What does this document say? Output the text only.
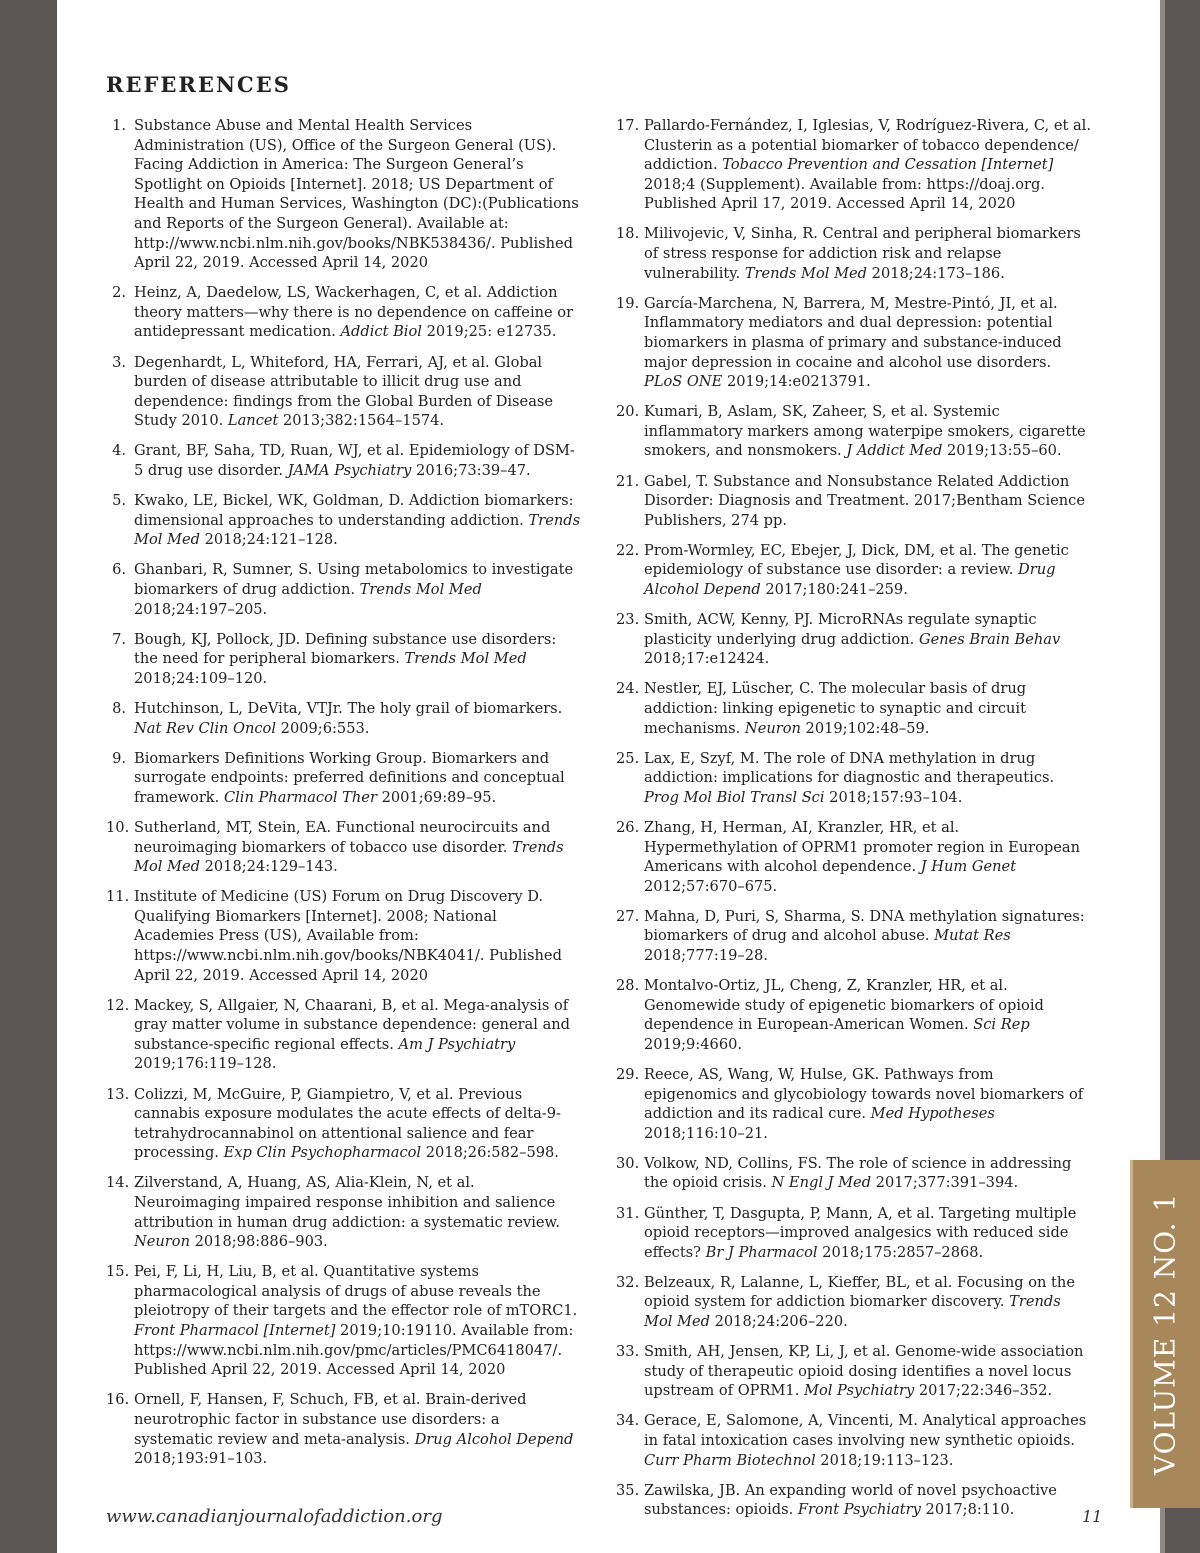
VOLUME 12 NO. 1
REFERENCES
1. Substance Abuse and Mental Health Services Administration (US), Office of the Surgeon General (US). Facing Addiction in America: The Surgeon General’s Spotlight on Opioids [Internet]. 2018; US Department of Health and Human Services, Washington (DC):(Publications and Reports of the Surgeon General). Available at: http://www.ncbi.nlm.nih.gov/books/NBK538436/. Published April 22, 2019. Accessed April 14, 2020
2. Heinz, A, Daedelow, LS, Wackerhagen, C, et al. Addiction theory matters—why there is no dependence on caffeine or antidepressant medication. Addict Biol 2019;25: e12735.
3. Degenhardt, L, Whiteford, HA, Ferrari, AJ, et al. Global burden of disease attributable to illicit drug use and dependence: findings from the Global Burden of Disease Study 2010. Lancet 2013;382:1564–1574.
4. Grant, BF, Saha, TD, Ruan, WJ, et al. Epidemiology of DSM-5 drug use disorder. JAMA Psychiatry 2016;73:39–47.
5. Kwako, LE, Bickel, WK, Goldman, D. Addiction biomarkers: dimensional approaches to understanding addiction. Trends Mol Med 2018;24:121–128.
6. Ghanbari, R, Sumner, S. Using metabolomics to investigate biomarkers of drug addiction. Trends Mol Med 2018;24:197–205.
7. Bough, KJ, Pollock, JD. Defining substance use disorders: the need for peripheral biomarkers. Trends Mol Med 2018;24:109–120.
8. Hutchinson, L, DeVita, VTJr. The holy grail of biomarkers. Nat Rev Clin Oncol 2009;6:553.
9. Biomarkers Definitions Working Group. Biomarkers and surrogate endpoints: preferred definitions and conceptual framework. Clin Pharmacol Ther 2001;69:89–95.
10. Sutherland, MT, Stein, EA. Functional neurocircuits and neuroimaging biomarkers of tobacco use disorder. Trends Mol Med 2018;24:129–143.
11. Institute of Medicine (US) Forum on Drug Discovery D. Qualifying Biomarkers [Internet]. 2008; National Academies Press (US), Available from: https://www.ncbi.nlm.nih.gov/books/NBK4041/. Published April 22, 2019. Accessed April 14, 2020
12. Mackey, S, Allgaier, N, Chaarani, B, et al. Mega-analysis of gray matter volume in substance dependence: general and substance-specific regional effects. Am J Psychiatry 2019;176:119–128.
13. Colizzi, M, McGuire, P, Giampietro, V, et al. Previous cannabis exposure modulates the acute effects of delta-9-tetrahydrocannabinol on attentional salience and fear processing. Exp Clin Psychopharmacol 2018;26:582–598.
14. Zilverstand, A, Huang, AS, Alia-Klein, N, et al. Neuroimaging impaired response inhibition and salience attribution in human drug addiction: a systematic review. Neuron 2018;98:886–903.
15. Pei, F, Li, H, Liu, B, et al. Quantitative systems pharmacological analysis of drugs of abuse reveals the pleiotropy of their targets and the effector role of mTORC1. Front Pharmacol [Internet] 2019;10:19110. Available from: https://www.ncbi.nlm.nih.gov/pmc/articles/PMC6418047/. Published April 22, 2019. Accessed April 14, 2020
16. Ornell, F, Hansen, F, Schuch, FB, et al. Brain-derived neurotrophic factor in substance use disorders: a systematic review and meta-analysis. Drug Alcohol Depend 2018;193:91–103.
17. Pallardo-Fernández, I, Iglesias, V, Rodríguez-Rivera, C, et al. Clusterin as a potential biomarker of tobacco dependence/ addiction. Tobacco Prevention and Cessation [Internet] 2018;4 (Supplement). Available from: https://doaj.org. Published April 17, 2019. Accessed April 14, 2020
18. Milivojevic, V, Sinha, R. Central and peripheral biomarkers of stress response for addiction risk and relapse vulnerability. Trends Mol Med 2018;24:173–186.
19. García-Marchena, N, Barrera, M, Mestre-Pintó, JI, et al. Inflammatory mediators and dual depression: potential biomarkers in plasma of primary and substance-induced major depression in cocaine and alcohol use disorders. PLoS ONE 2019;14:e0213791.
20. Kumari, B, Aslam, SK, Zaheer, S, et al. Systemic inflammatory markers among waterpipe smokers, cigarette smokers, and nonsmokers. J Addict Med 2019;13:55–60.
21. Gabel, T. Substance and Nonsubstance Related Addiction Disorder: Diagnosis and Treatment. 2017;Bentham Science Publishers, 274 pp.
22. Prom-Wormley, EC, Ebejer, J, Dick, DM, et al. The genetic epidemiology of substance use disorder: a review. Drug Alcohol Depend 2017;180:241–259.
23. Smith, ACW, Kenny, PJ. MicroRNAs regulate synaptic plasticity underlying drug addiction. Genes Brain Behav 2018;17:e12424.
24. Nestler, EJ, Lüscher, C. The molecular basis of drug addiction: linking epigenetic to synaptic and circuit mechanisms. Neuron 2019;102:48–59.
25. Lax, E, Szyf, M. The role of DNA methylation in drug addiction: implications for diagnostic and therapeutics. Prog Mol Biol Transl Sci 2018;157:93–104.
26. Zhang, H, Herman, AI, Kranzler, HR, et al. Hypermethylation of OPRM1 promoter region in European Americans with alcohol dependence. J Hum Genet 2012;57:670–675.
27. Mahna, D, Puri, S, Sharma, S. DNA methylation signatures: biomarkers of drug and alcohol abuse. Mutat Res 2018;777:19–28.
28. Montalvo-Ortiz, JL, Cheng, Z, Kranzler, HR, et al. Genomewide study of epigenetic biomarkers of opioid dependence in European-American Women. Sci Rep 2019;9:4660.
29. Reece, AS, Wang, W, Hulse, GK. Pathways from epigenomics and glycobiology towards novel biomarkers of addiction and its radical cure. Med Hypotheses 2018;116:10–21.
30. Volkow, ND, Collins, FS. The role of science in addressing the opioid crisis. N Engl J Med 2017;377:391–394.
31. Günther, T, Dasgupta, P, Mann, A, et al. Targeting multiple opioid receptors—improved analgesics with reduced side effects? Br J Pharmacol 2018;175:2857–2868.
32. Belzeaux, R, Lalanne, L, Kieffer, BL, et al. Focusing on the opioid system for addiction biomarker discovery. Trends Mol Med 2018;24:206–220.
33. Smith, AH, Jensen, KP, Li, J, et al. Genome-wide association study of therapeutic opioid dosing identifies a novel locus upstream of OPRM1. Mol Psychiatry 2017;22:346–352.
34. Gerace, E, Salomone, A, Vincenti, M. Analytical approaches in fatal intoxication cases involving new synthetic opioids. Curr Pharm Biotechnol 2018;19:113–123.
35. Zawilska, JB. An expanding world of novel psychoactive substances: opioids. Front Psychiatry 2017;8:110.
www.canadianjournalofaddiction.org	11
